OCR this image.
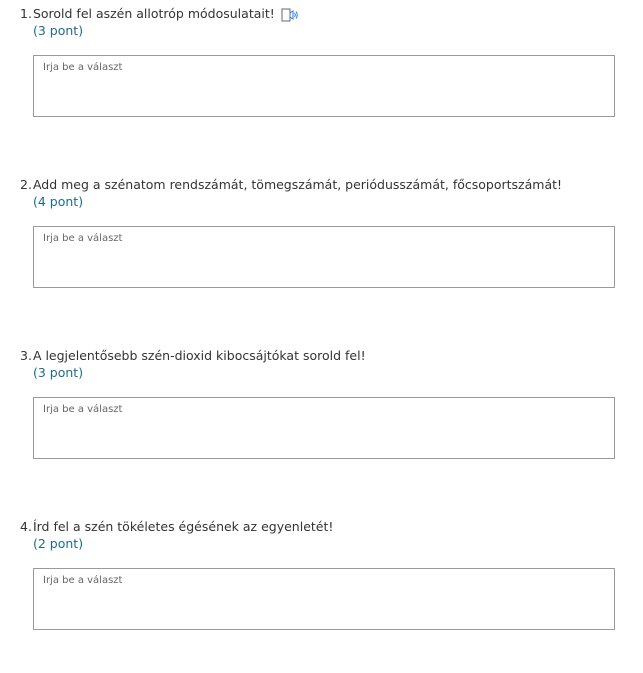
1. Sorold fel aszén allotróp módosulatait!
(3 pont)
Írja be a választ
2. Add meg a szénatom rendszámát, tömegszámát, periódusszámát, főcsoportszámát!
(4 pont)
Írja be a választ
3. A legjelentősebb szén-dioxid kibocsájtókat sorold fel!
(3 pont)
Írja be a választ
4. Írd fel a szén tökéletes égésének az egyenletét!
(2 pont)
Írja be a választ
